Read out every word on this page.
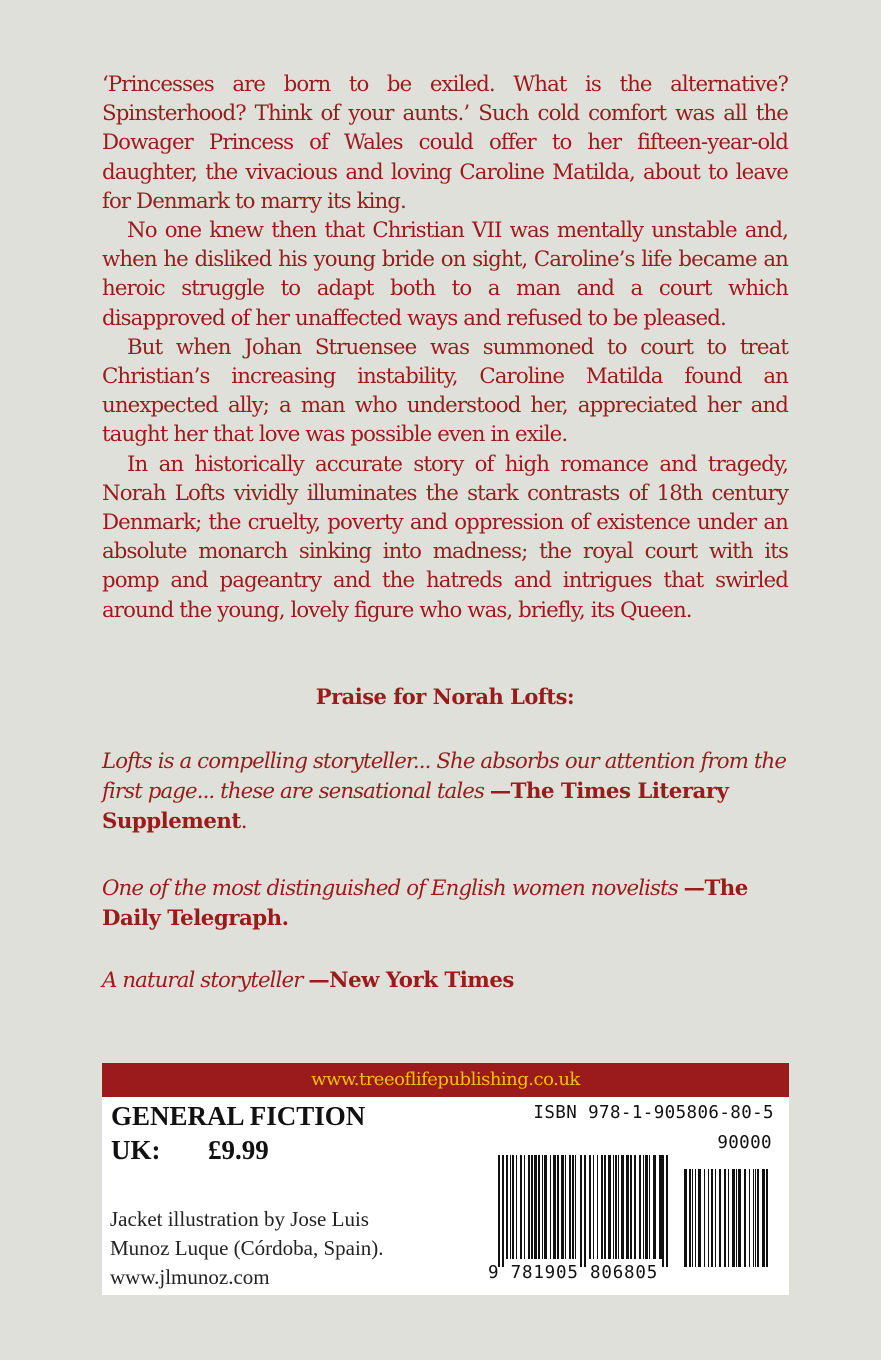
‘Princesses are born to be exiled. What is the alternative? Spinsterhood? Think of your aunts.’ Such cold comfort was all the Dowager Princess of Wales could offer to her fifteen-year-old daughter, the vivacious and loving Caroline Matilda, about to leave for Denmark to marry its king.

No one knew then that Christian VII was mentally unstable and, when he disliked his young bride on sight, Caroline’s life became an heroic struggle to adapt both to a man and a court which disapproved of her unaffected ways and refused to be pleased.

But when Johan Struensee was summoned to court to treat Christian’s increasing instability, Caroline Matilda found an unexpected ally; a man who understood her, appreciated her and taught her that love was possible even in exile.

In an historically accurate story of high romance and tragedy, Norah Lofts vividly illuminates the stark contrasts of 18th century Denmark; the cruelty, poverty and oppression of existence under an absolute monarch sinking into madness; the royal court with its pomp and pageantry and the hatreds and intrigues that swirled around the young, lovely figure who was, briefly, its Queen.

Praise for Norah Lofts:
Lofts is a compelling storyteller... She absorbs our attention from the first page... these are sensational tales —The Times Literary Supplement.
One of the most distinguished of English women novelists —The Daily Telegraph.
A natural storyteller —New York Times
www.treeoflifepublishing.co.uk
GENERAL FICTION
UK: £9.99
Jacket illustration by Jose Luis
Munoz Luque (Córdoba, Spain).
www.jlmunoz.com
ISBN 978-1-905806-80-5
90000
9 781905 806805
